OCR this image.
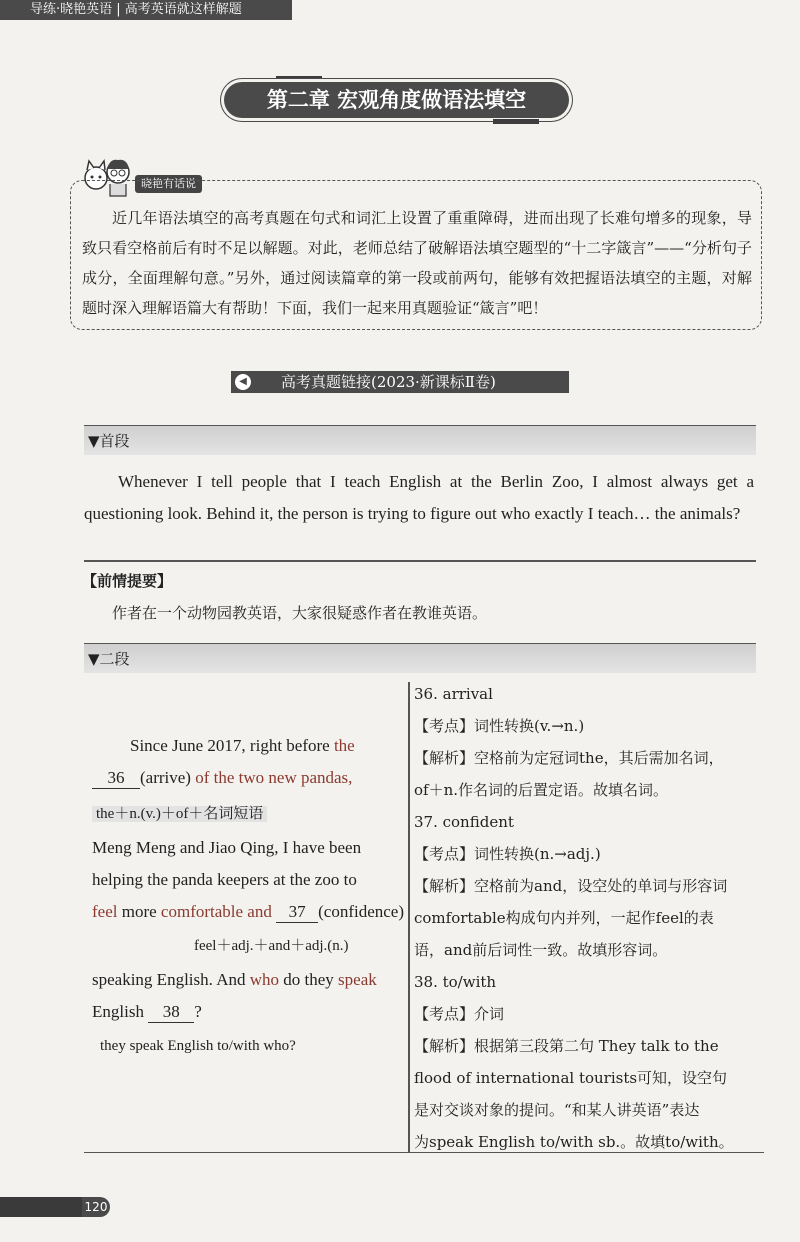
导练·晓艳英语 | 高考英语就这样解题
第二章 宏观角度做语法填空
晓艳有话说
近几年语法填空的高考真题在句式和词汇上设置了重重障碍，进而出现了长难句增多的现象，导致只看空格前后有时不足以解题。对此，老师总结了破解语法填空题型的“十二字箴言”——“分析句子成分，全面理解句意。”另外，通过阅读篇章的第一段或前两句，能够有效把握语法填空的主题，对解题时深入理解语篇大有帮助！下面，我们一起来用真题验证“箴言”吧！
◀ 高考真题链接(2023·新课标Ⅱ卷)
▼首段
Whenever I tell people that I teach English at the Berlin Zoo, I almost always get a questioning look. Behind it, the person is trying to figure out who exactly I teach… the animals?
【前情提要】
作者在一个动物园教英语，大家很疑惑作者在教谁英语。
▼二段
Since June 2017, right before the
36 (arrive) of the two new pandas,
the＋n.(v.)＋of＋名词短语
Meng Meng and Jiao Qing, I have been
helping the panda keepers at the zoo to
feel more comfortable and 37 (confidence)
feel＋adj.＋and＋adj.(n.)
speaking English. And who do they speak
English 38 ?
they speak English to/with who?
36. arrival
【考点】词性转换(v.→n.)
【解析】空格前为定冠词the，其后需加名词，
of＋n.作名词的后置定语。故填名词。
37. confident
【考点】词性转换(n.→adj.)
【解析】空格前为and，设空处的单词与形容词
comfortable构成句内并列，一起作feel的表
语，and前后词性一致。故填形容词。
38. to/with
【考点】介词
【解析】根据第三段第二句 They talk to the
flood of international tourists可知，设空句
是对交谈对象的提问。“和某人讲英语”表达
为speak English to/with sb.。故填to/with。
120
